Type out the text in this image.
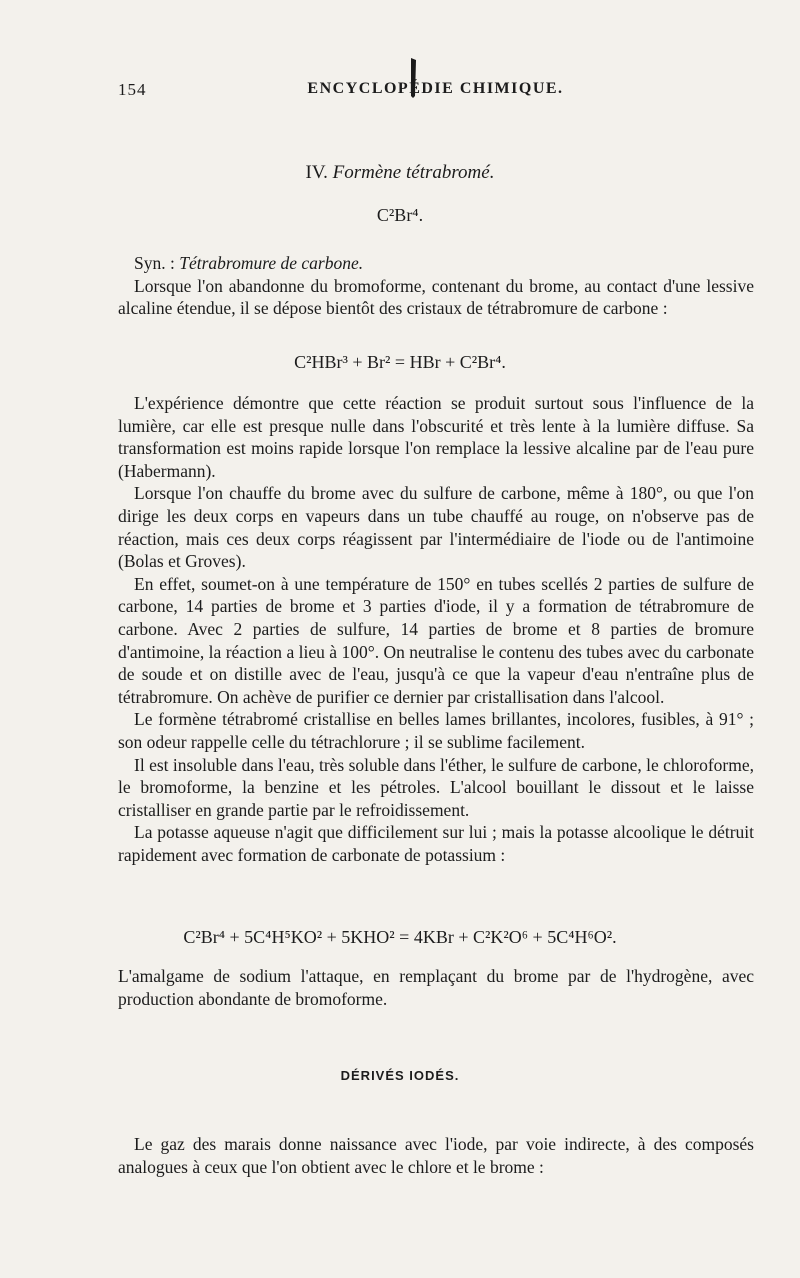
154	ENCYCLOPÉDIE CHIMIQUE.
IV. Formène tétrabromé.
C²Br⁴.

Syn. : Tétrabromure de carbone.

Lorsque l'on abandonne du bromoforme, contenant du brome, au contact d'une lessive alcaline étendue, il se dépose bientôt des cristaux de tétrabromure de carbone :

C²HBr³ + Br² = HBr + C²Br⁴.

L'expérience démontre que cette réaction se produit surtout sous l'influence de la lumière, car elle est presque nulle dans l'obscurité et très lente à la lumière diffuse. Sa transformation est moins rapide lorsque l'on remplace la lessive alcaline par de l'eau pure (Habermann).

Lorsque l'on chauffe du brome avec du sulfure de carbone, même à 180°, ou que l'on dirige les deux corps en vapeurs dans un tube chauffé au rouge, on n'observe pas de réaction, mais ces deux corps réagissent par l'intermédiaire de l'iode ou de l'antimoine (Bolas et Groves).

En effet, soumet-on à une température de 150° en tubes scellés 2 parties de sulfure de carbone, 14 parties de brome et 3 parties d'iode, il y a formation de tétrabromure de carbone. Avec 2 parties de sulfure, 14 parties de brome et 8 parties de bromure d'antimoine, la réaction a lieu à 100°. On neutralise le contenu des tubes avec du carbonate de soude et on distille avec de l'eau, jusqu'à ce que la vapeur d'eau n'entraîne plus de tétrabromure. On achève de purifier ce dernier par cristallisation dans l'alcool.

Le formène tétrabromé cristallise en belles lames brillantes, incolores, fusibles, à 91° ; son odeur rappelle celle du tétrachlorure ; il se sublime facilement.

Il est insoluble dans l'eau, très soluble dans l'éther, le sulfure de carbone, le chloroforme, le bromoforme, la benzine et les pétroles. L'alcool bouillant le dissout et le laisse cristalliser en grande partie par le refroidissement.

La potasse aqueuse n'agit que difficilement sur lui ; mais la potasse alcoolique le détruit rapidement avec formation de carbonate de potassium :

C²Br⁴ + 5C⁴H⁵KO² + 5KHO² = 4KBr + C²K²O⁶ + 5C⁴H⁶O².

L'amalgame de sodium l'attaque, en remplaçant du brome par de l'hydrogène, avec production abondante de bromoforme.

DÉRIVÉS IODÉS.

Le gaz des marais donne naissance avec l'iode, par voie indirecte, à des composés analogues à ceux que l'on obtient avec le chlore et le brome :
